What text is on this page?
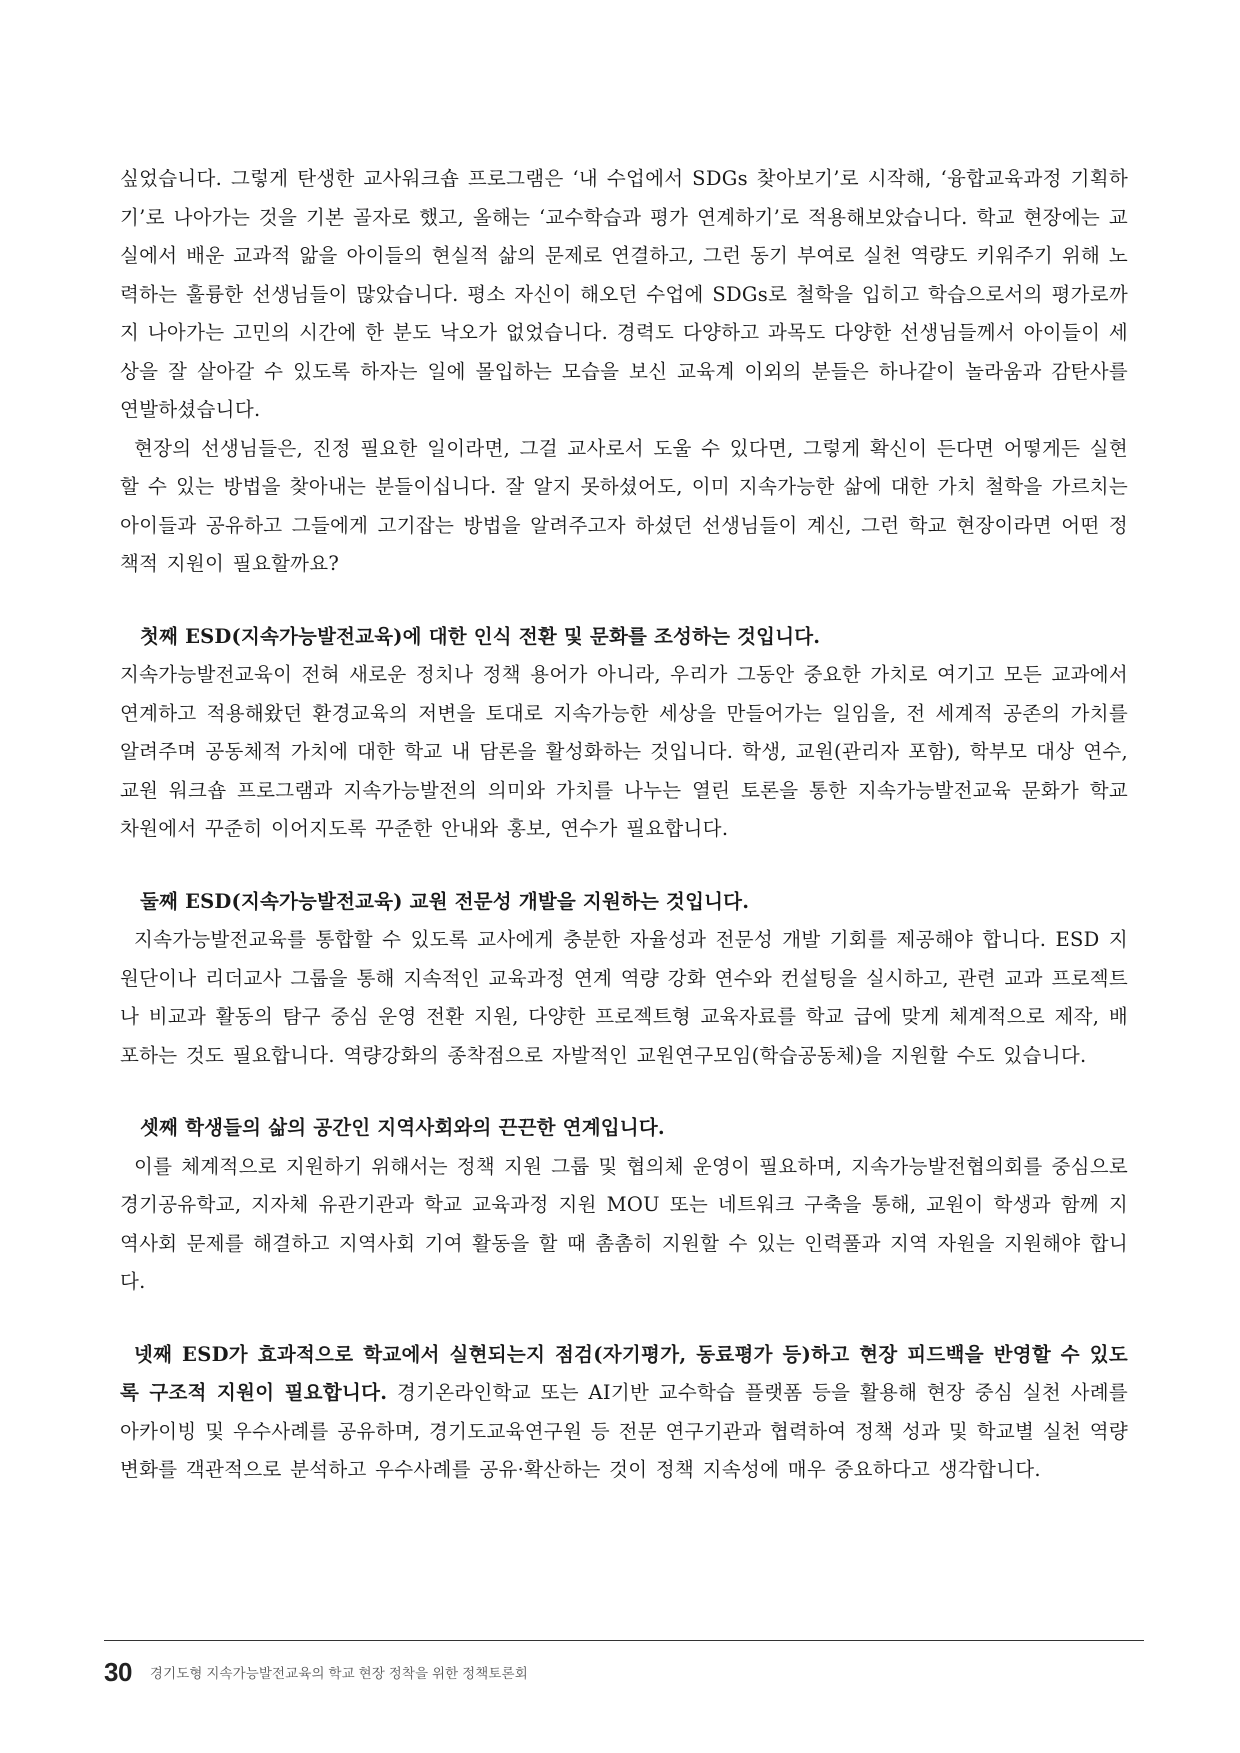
싶었습니다. 그렇게 탄생한 교사워크숍 프로그램은 ‘내 수업에서 SDGs 찾아보기’로 시작해, ‘융합교육과정 기획하기’로 나아가는 것을 기본 골자로 했고, 올해는 ‘교수학습과 평가 연계하기’로 적용해보았습니다. 학교 현장에는 교실에서 배운 교과적 앎을 아이들의 현실적 삶의 문제로 연결하고, 그런 동기 부여로 실천 역량도 키워주기 위해 노력하는 훌륭한 선생님들이 많았습니다. 평소 자신이 해오던 수업에 SDGs로 철학을 입히고 학습으로서의 평가로까지 나아가는 고민의 시간에 한 분도 낙오가 없었습니다. 경력도 다양하고 과목도 다양한 선생님들께서 아이들이 세상을 잘 살아갈 수 있도록 하자는 일에 몰입하는 모습을 보신 교육계 이외의 분들은 하나같이 놀라움과 감탄사를 연발하셨습니다.

현장의 선생님들은, 진정 필요한 일이라면, 그걸 교사로서 도울 수 있다면, 그렇게 확신이 든다면 어떻게든 실현할 수 있는 방법을 찾아내는 분들이십니다. 잘 알지 못하셨어도, 이미 지속가능한 삶에 대한 가치 철학을 가르치는 아이들과 공유하고 그들에게 고기잡는 방법을 알려주고자 하셨던 선생님들이 계신, 그런 학교 현장이라면 어떤 정책적 지원이 필요할까요?

첫째 ESD(지속가능발전교육)에 대한 인식 전환 및 문화를 조성하는 것입니다.

지속가능발전교육이 전혀 새로운 정치나 정책 용어가 아니라, 우리가 그동안 중요한 가치로 여기고 모든 교과에서 연계하고 적용해왔던 환경교육의 저변을 토대로 지속가능한 세상을 만들어가는 일임을, 전 세계적 공존의 가치를 알려주며 공동체적 가치에 대한 학교 내 담론을 활성화하는 것입니다. 학생, 교원(관리자 포함), 학부모 대상 연수, 교원 워크숍 프로그램과 지속가능발전의 의미와 가치를 나누는 열린 토론을 통한 지속가능발전교육 문화가 학교 차원에서 꾸준히 이어지도록 꾸준한 안내와 홍보, 연수가 필요합니다.

둘째 ESD(지속가능발전교육) 교원 전문성 개발을 지원하는 것입니다.

지속가능발전교육를 통합할 수 있도록 교사에게 충분한 자율성과 전문성 개발 기회를 제공해야 합니다. ESD 지원단이나 리더교사 그룹을 통해 지속적인 교육과정 연계 역량 강화 연수와 컨설팅을 실시하고, 관련 교과 프로젝트나 비교과 활동의 탐구 중심 운영 전환 지원, 다양한 프로젝트형 교육자료를 학교 급에 맞게 체계적으로 제작, 배포하는 것도 필요합니다. 역량강화의 종착점으로 자발적인 교원연구모임(학습공동체)을 지원할 수도 있습니다.

셋째 학생들의 삶의 공간인 지역사회와의 끈끈한 연계입니다.

이를 체계적으로 지원하기 위해서는 정책 지원 그룹 및 협의체 운영이 필요하며, 지속가능발전협의회를 중심으로 경기공유학교, 지자체 유관기관과 학교 교육과정 지원 MOU 또는 네트워크 구축을 통해, 교원이 학생과 함께 지역사회 문제를 해결하고 지역사회 기여 활동을 할 때 촘촘히 지원할 수 있는 인력풀과 지역 자원을 지원해야 합니다.

넷째 ESD가 효과적으로 학교에서 실현되는지 점검(자기평가, 동료평가 등)하고 현장 피드백을 반영할 수 있도록 구조적 지원이 필요합니다. 경기온라인학교 또는 AI기반 교수학습 플랫폼 등을 활용해 현장 중심 실천 사례를 아카이빙 및 우수사례를 공유하며, 경기도교육연구원 등 전문 연구기관과 협력하여 정책 성과 및 학교별 실천 역량 변화를 객관적으로 분석하고 우수사례를 공유·확산하는 것이 정책 지속성에 매우 중요하다고 생각합니다.

30 경기도형 지속가능발전교육의 학교 현장 정착을 위한 정책토론회
